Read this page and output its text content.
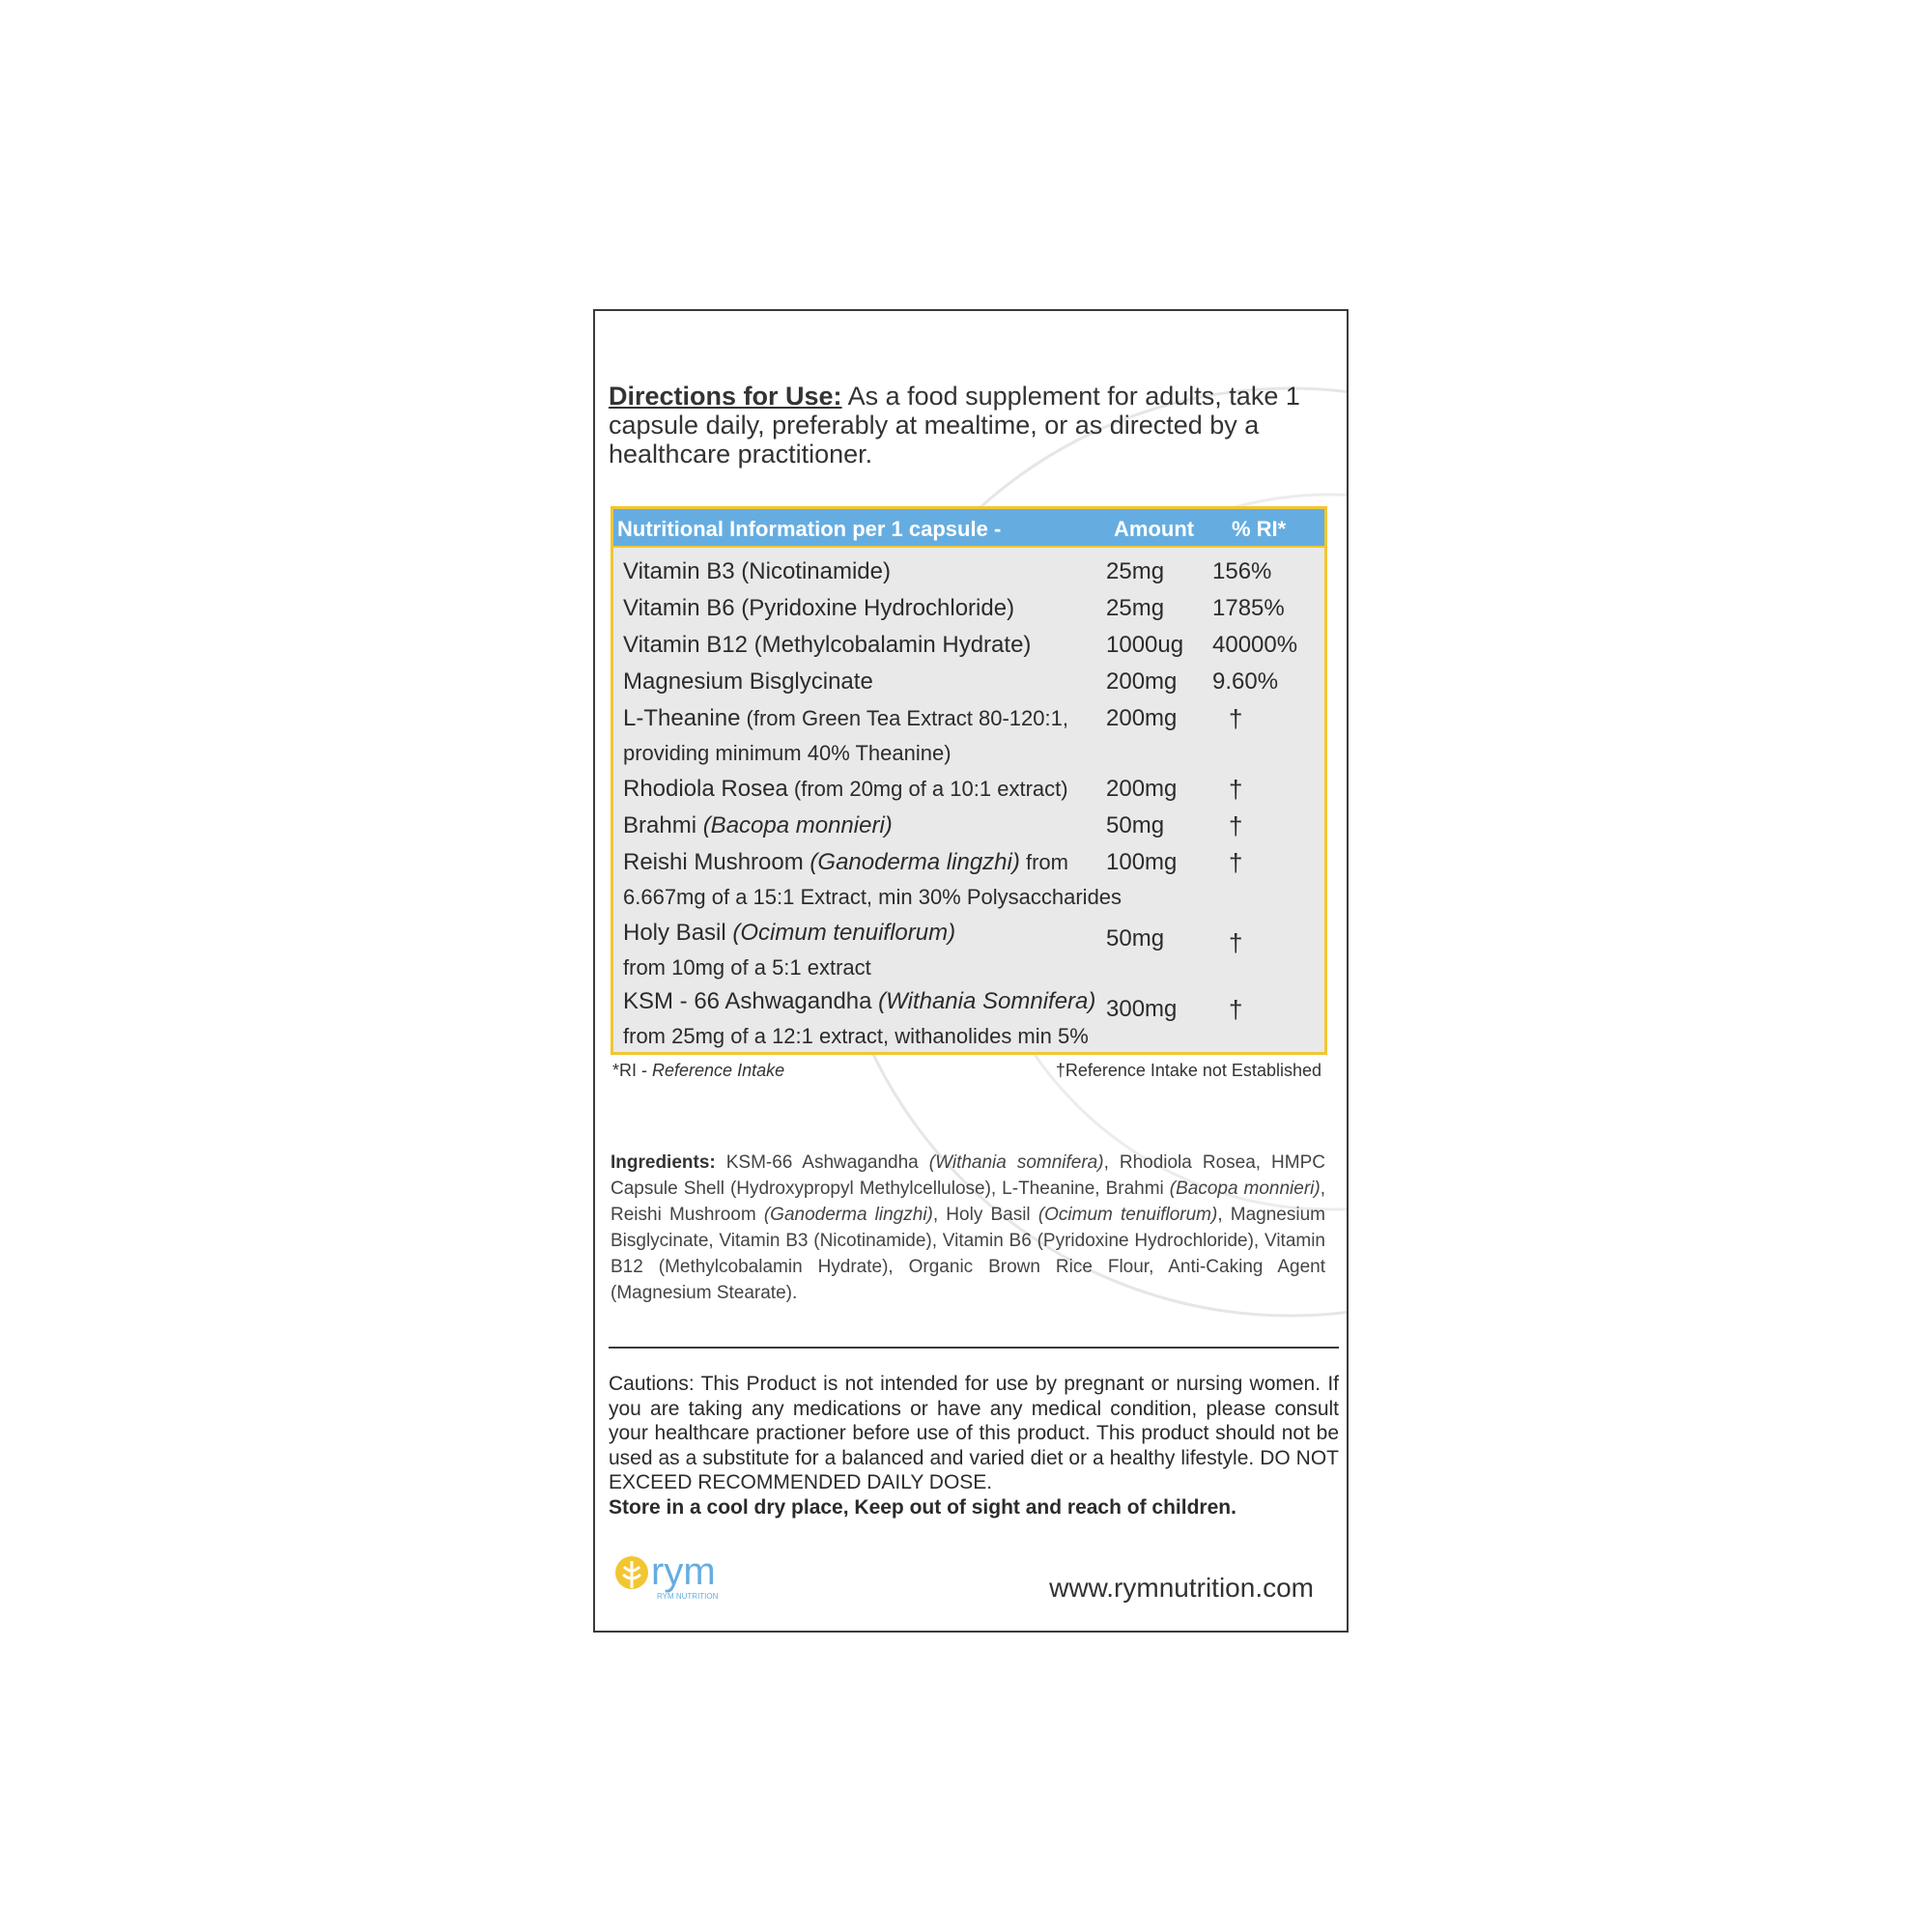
Directions for Use: As a food supplement for adults, take 1 capsule daily, preferably at mealtime, or as directed by a healthcare practitioner.
Nutritional Information per 1 capsule -	Amount % RI*
Vitamin B3 (Nicotinamide)	25mg 156%
Vitamin B6 (Pyridoxine Hydrochloride)	25mg 1785%
Vitamin B12 (Methylcobalamin Hydrate)	1000ug 40000%
Magnesium Bisglycinate	200mg 9.60%
L-Theanine (from Green Tea Extract 80-120:1,
providing minimum 40% Theanine)
200mg †
Rhodiola Rosea (from 20mg of a 10:1 extract)	200mg †
Brahmi (Bacopa monnieri)	50mg	†
Reishi Mushroom (Ganoderma lingzhi) from
6.667mg of a 15:1 Extract, min 30% Polysaccharides
100mg †
Holy Basil (Ocimum tenuiflorum)
from 10mg of a 5:1 extract
50mg	†
KSM - 66 Ashwagandha (Withania Somnifera)
from 25mg of a 12:1 extract, withanolides min 5%
300mg †
*RI - Reference Intake	†Reference Intake not Established
Ingredients: KSM-66 Ashwagandha (Withania somnifera), Rhodiola Rosea, HMPC Capsule Shell (Hydroxypropyl Methylcellulose), L-Theanine, Brahmi (Bacopa monnieri), Reishi Mushroom (Ganoderma lingzhi), Holy Basil (Ocimum tenuiflorum), Magnesium Bisglycinate, Vitamin B3 (Nicotinamide), Vitamin B6 (Pyridoxine Hydrochloride), Vitamin B12 (Methylcobalamin Hydrate), Organic Brown Rice Flour, Anti-Caking Agent (Magnesium Stearate).
Cautions: This Product is not intended for use by pregnant or nursing women. If you are taking any medications or have any medical condition, please consult your healthcare practioner before use of this product. This product should not be used as a substitute for a balanced and varied diet or a healthy lifestyle. DO NOT EXCEED RECOMMENDED DAILY DOSE.
Store in a cool dry place, Keep out of sight and reach of children.
rym
RYM NUTRITION	www.rymnutrition.com
